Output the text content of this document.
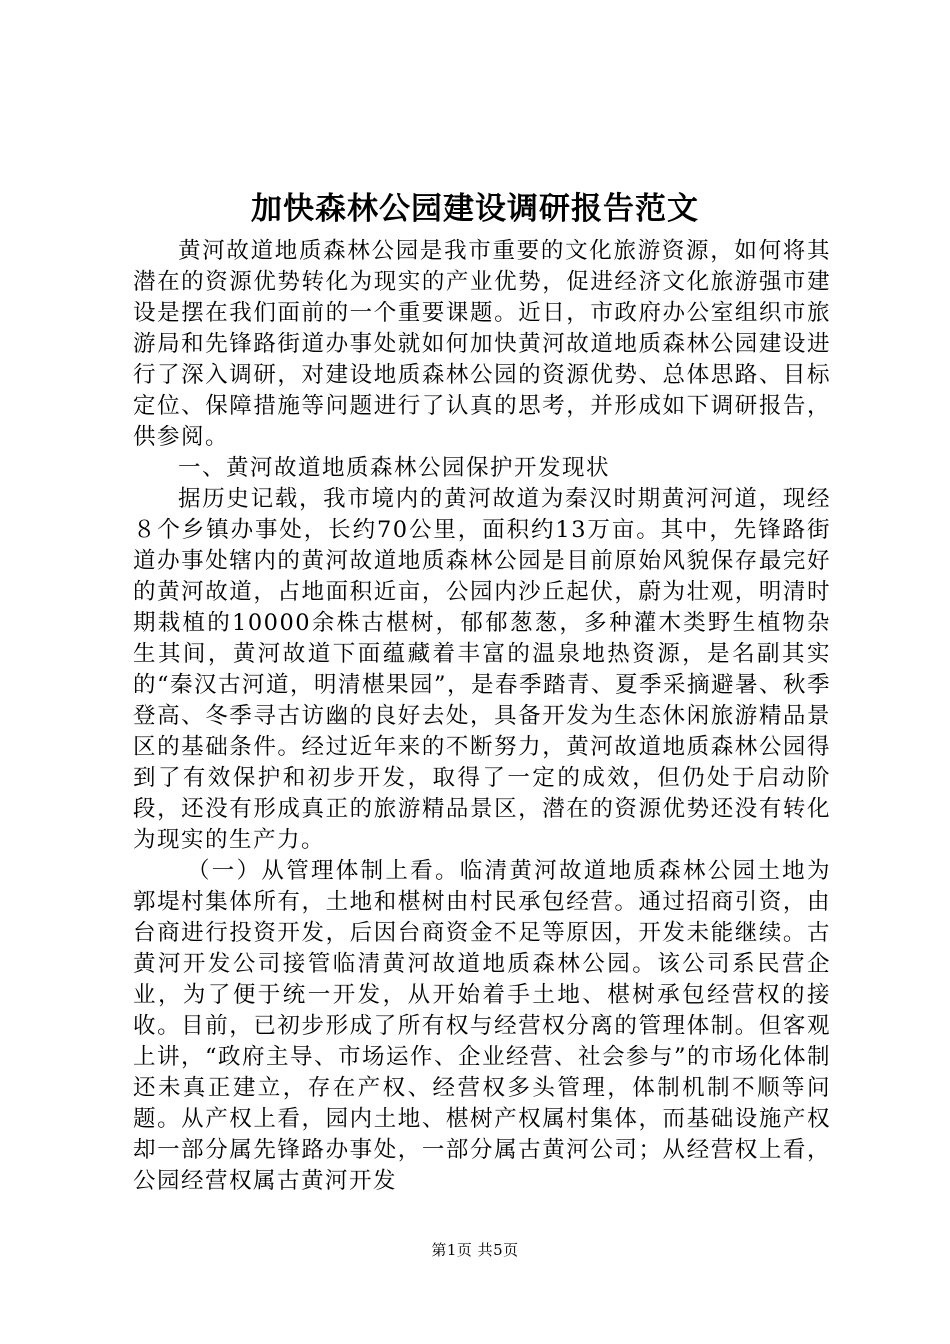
加快森林公园建设调研报告范文

黄河故道地质森林公园是我市重要的文化旅游资源，如何将其潜在的资源优势转化为现实的产业优势，促进经济文化旅游强市建设是摆在我们面前的一个重要课题。近日，市政府办公室组织市旅游局和先锋路街道办事处就如何加快黄河故道地质森林公园建设进行了深入调研，对建设地质森林公园的资源优势、总体思路、目标定位、保障措施等问题进行了认真的思考，并形成如下调研报告，供参阅。

一、黄河故道地质森林公园保护开发现状

据历史记载，我市境内的黄河故道为秦汉时期黄河河道，现经８个乡镇办事处，长约70公里，面积约13万亩。其中，先锋路街道办事处辖内的黄河故道地质森林公园是目前原始风貌保存最完好的黄河故道，占地面积近亩，公园内沙丘起伏，蔚为壮观，明清时期栽植的10000余株古椹树，郁郁葱葱，多种灌木类野生植物杂生其间，黄河故道下面蕴藏着丰富的温泉地热资源，是名副其实的“秦汉古河道，明清椹果园”，是春季踏青、夏季采摘避暑、秋季登高、冬季寻古访幽的良好去处，具备开发为生态休闲旅游精品景区的基础条件。经过近年来的不断努力，黄河故道地质森林公园得到了有效保护和初步开发，取得了一定的成效，但仍处于启动阶段，还没有形成真正的旅游精品景区，潜在的资源优势还没有转化为现实的生产力。

（一）从管理体制上看。临清黄河故道地质森林公园土地为郭堤村集体所有，土地和椹树由村民承包经营。通过招商引资，由台商进行投资开发，后因台商资金不足等原因，开发未能继续。古黄河开发公司接管临清黄河故道地质森林公园。该公司系民营企业，为了便于统一开发，从开始着手土地、椹树承包经营权的接收。目前，已初步形成了所有权与经营权分离的管理体制。但客观上讲，“政府主导、市场运作、企业经营、社会参与”的市场化体制还未真正建立，存在产权、经营权多头管理，体制机制不顺等问题。从产权上看，园内土地、椹树产权属村集体，而基础设施产权却一部分属先锋路办事处，一部分属古黄河公司；从经营权上看，公园经营权属古黄河开发

第1页 共5页
